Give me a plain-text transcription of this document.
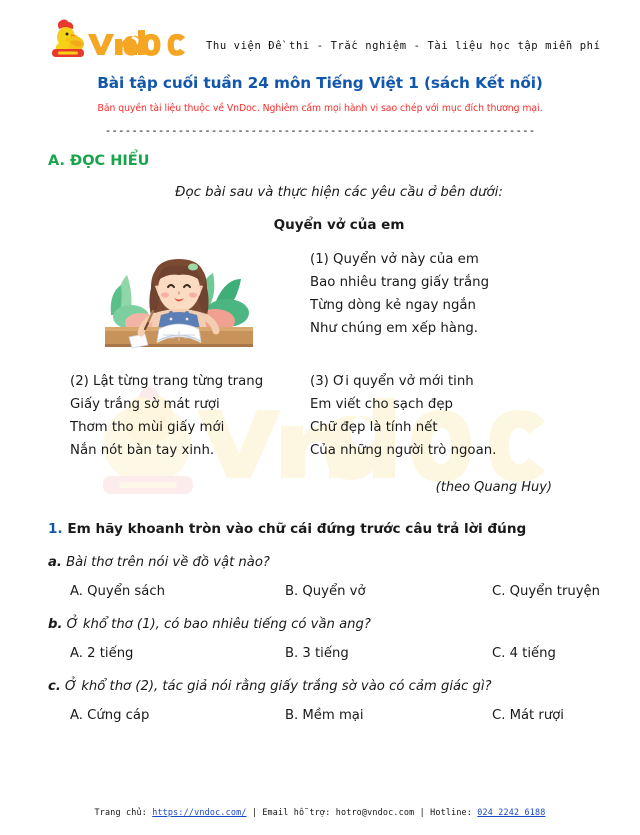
Thu viện Đề thi - Trắc nghiệm - Tài liệu học tập miễn phí
Bài tập cuối tuần 24 môn Tiếng Việt 1 (sách Kết nối)
Bản quyền tài liệu thuộc về VnDoc. Nghiêm cấm mọi hành vi sao chép với mục đích thương mại.
-----------------------------------------------------------------
A. ĐỌC HIỂU
Đọc bài sau và thực hiện các yêu cầu ở bên dưới:
Quyển vở của em
(1) Quyển vở này của em
Bao nhiêu trang giấy trắng
Từng dòng kẻ ngay ngắn
Như chúng em xếp hàng.
(2) Lật từng trang từng trang
Giấy trắng sờ mát rượi
Thơm tho mùi giấy mới
Nắn nót bàn tay xinh.
(3) Ơi quyển vở mới tinh
Em viết cho sạch đẹp
Chữ đẹp là tính nết
Của những người trò ngoan.
(theo Quang Huy)
1. Em hãy khoanh tròn vào chữ cái đứng trước câu trả lời đúng
a. Bài thơ trên nói về đồ vật nào?
A. Quyển sách	B. Quyển vở	C. Quyển truyện
b. Ở khổ thơ (1), có bao nhiêu tiếng có vần ang?
A. 2 tiếng	B. 3 tiếng	C. 4 tiếng
c. Ở khổ thơ (2), tác giả nói rằng giấy trắng sờ vào có cảm giác gì?
A. Cứng cáp	B. Mềm mại	C. Mát rượi
Trang chủ: https://vndoc.com/ | Email hỗ trợ: hotro@vndoc.com | Hotline: 024 2242 6188
